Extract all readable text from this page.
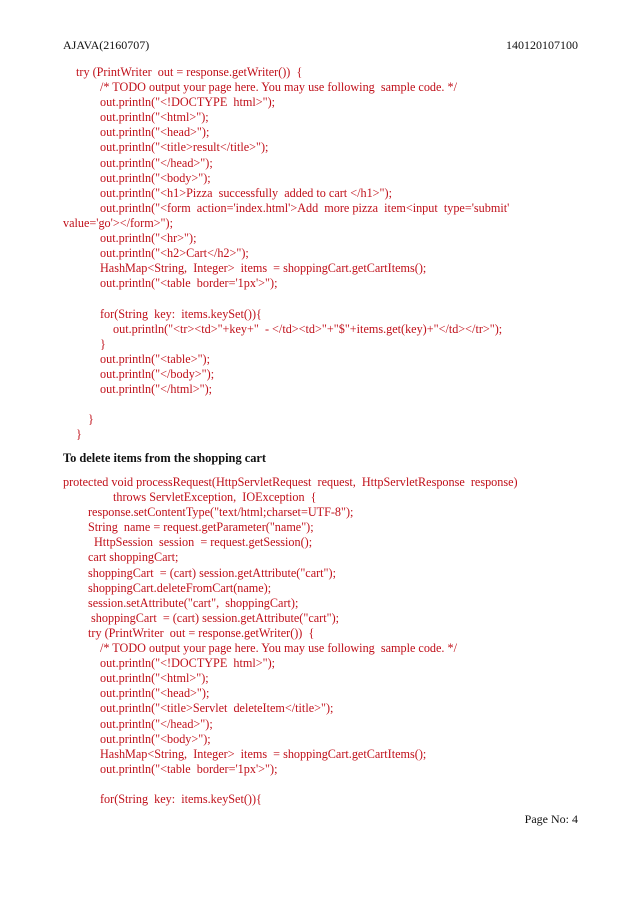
AJAVA(2160707)	140120107100
try (PrintWriter  out = response.getWriter())  {
/* TODO output your page here. You may use following  sample code. */
out.println("<!DOCTYPE  html>");
out.println("<html>");
out.println("<head>");
out.println("<title>result</title>");
out.println("</head>");
out.println("<body>");
out.println("<h1>Pizza  successfully  added to cart </h1>");
out.println("<form  action='index.html'>Add  more pizza  item<input  type='submit'
value='go'></form>");
out.println("<hr>");
out.println("<h2>Cart</h2>");
HashMap<String,  Integer>  items  = shoppingCart.getCartItems();
out.println("<table  border='1px'>");
for(String  key:  items.keySet()){
out.println("<tr><td>"+key+"  - </td><td>"+"$"+items.get(key)+"</td></tr>");
}
out.println("<table>");
out.println("</body>");
out.println("</html>");
}
}
To delete items from the shopping cart
protected void processRequest(HttpServletRequest  request,  HttpServletResponse  response)
throws ServletException,  IOException  {
response.setContentType("text/html;charset=UTF-8");
String  name = request.getParameter("name");
HttpSession  session  = request.getSession();
cart shoppingCart;
shoppingCart  = (cart) session.getAttribute("cart");
shoppingCart.deleteFromCart(name);
session.setAttribute("cart",  shoppingCart);
shoppingCart  = (cart) session.getAttribute("cart");
try (PrintWriter  out = response.getWriter())  {
/* TODO output your page here. You may use following  sample code. */
out.println("<!DOCTYPE  html>");
out.println("<html>");
out.println("<head>");
out.println("<title>Servlet  deleteItem</title>");
out.println("</head>");
out.println("<body>");
HashMap<String,  Integer>  items  = shoppingCart.getCartItems();
out.println("<table  border='1px'>");
for(String  key:  items.keySet()){
Page No: 4
